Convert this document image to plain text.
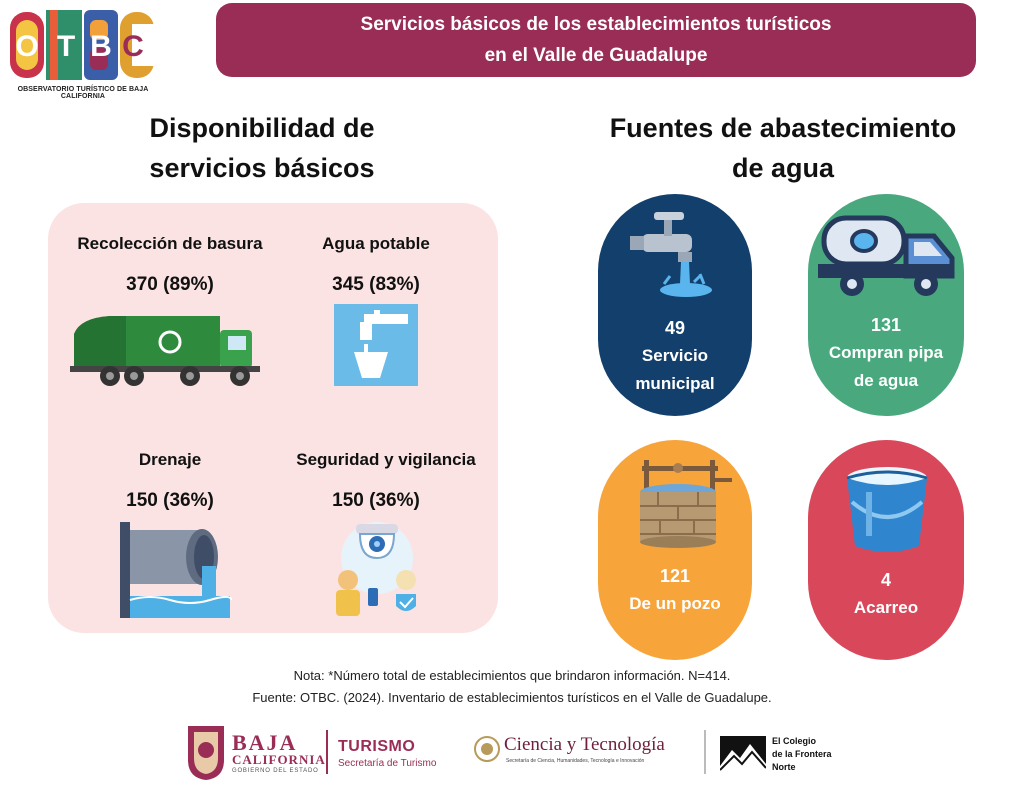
O T B C
OBSERVATORIO TURÍSTICO DE BAJA CALIFORNIA
Servicios básicos de los establecimientos turísticos
en el Valle de Guadalupe
Disponibilidad de
servicios básicos
Recolección de basura
370 (89%)
Agua potable
345 (83%)
Drenaje
150 (36%)
Seguridad y vigilancia
150 (36%)
Fuentes de abastecimiento
de agua
49
Servicio
municipal
131
Compran pipa
de agua
121
De un pozo
4
Acarreo
Nota: *Número total de establecimientos que brindaron información. N=414.
Fuente: OTBC. (2024). Inventario de establecimientos turísticos en el Valle de Guadalupe.
BAJA
CALIFORNIA
GOBIERNO DEL ESTADO
TURISMO
Secretaría de Turismo
Ciencia y Tecnología
Secretaría de Ciencia, Humanidades, Tecnología e Innovación
El Colegio
de la Frontera
Norte
